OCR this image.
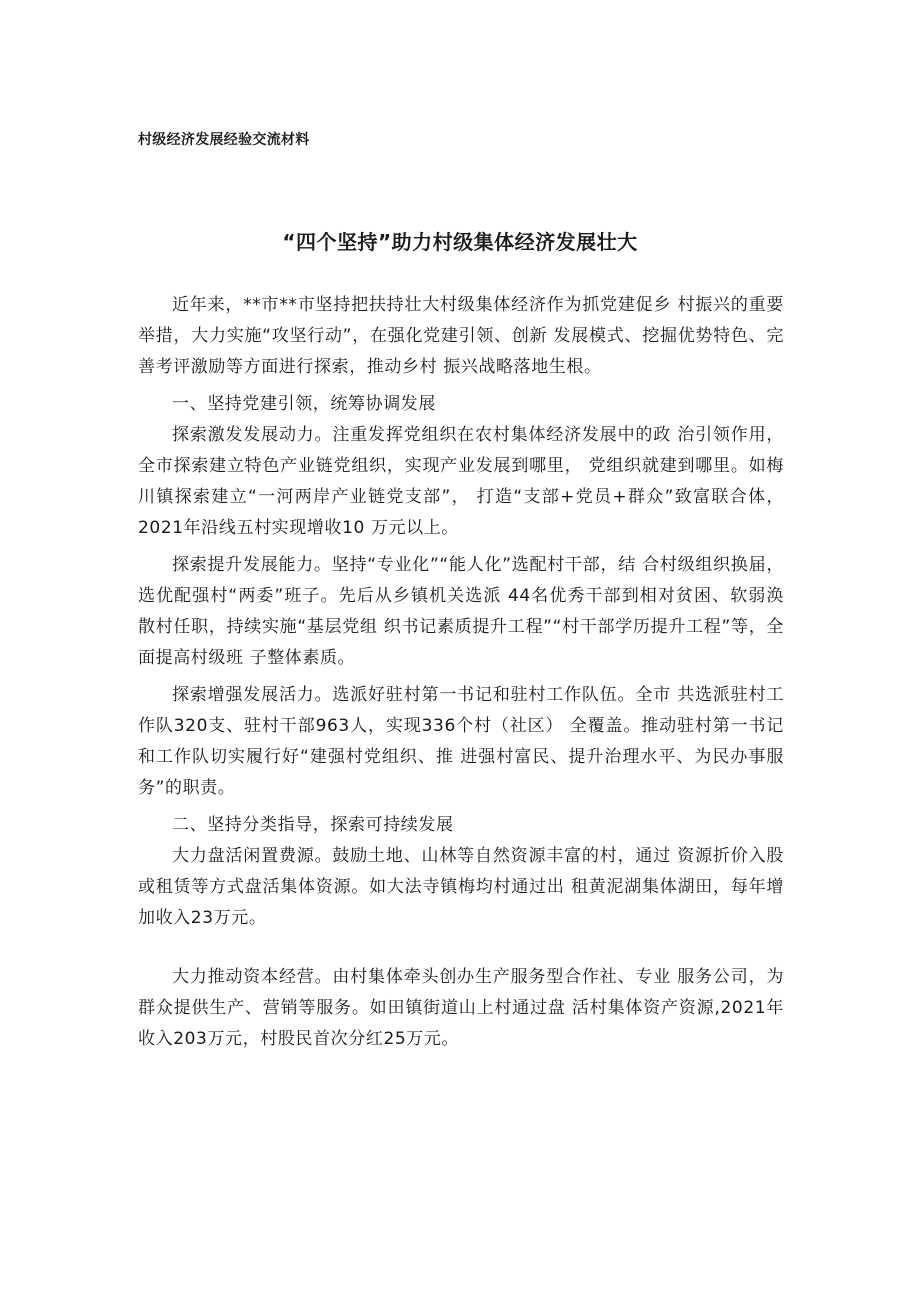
村级经济发展经验交流材料
“四个坚持”助力村级集体经济发展壮大

近年来，**市**市坚持把扶持壮大村级集体经济作为抓党建促乡 村振兴的重要举措，大力实施“攻坚行动”，在强化党建引领、创新 发展模式、挖掘优势特色、完善考评激励等方面进行探索，推动乡村 振兴战略落地生根。

一、坚持党建引领，统筹协调发展

探索激发发展动力。注重发挥党组织在农村集体经济发展中的政 治引领作用，全市探索建立特色产业链党组织，实现产业发展到哪里， 党组织就建到哪里。如梅川镇探索建立“一河两岸产业链党支部”， 打造“支部+党员+群众”致富联合体，2021年沿线五村实现增收10 万元以上。

探索提升发展能力。坚持“专业化”“能人化”选配村干部，结 合村级组织换届，选优配强村“两委”班子。先后从乡镇机关选派 44名优秀干部到相对贫困、软弱涣散村任职，持续实施“基层党组 织书记素质提升工程”“村干部学历提升工程”等，全面提高村级班 子整体素质。

探索增强发展活力。选派好驻村第一书记和驻村工作队伍。全市 共选派驻村工作队320支、驻村干部963人，实现336个村（社区） 全覆盖。推动驻村第一书记和工作队切实履行好“建强村党组织、推 进强村富民、提升治理水平、为民办事服务”的职责。

二、坚持分类指导，探索可持续发展

大力盘活闲置费源。鼓励土地、山林等自然资源丰富的村，通过 资源折价入股或租赁等方式盘活集体资源。如大法寺镇梅均村通过出 租黄泥湖集体湖田，每年增加收入23万元。

大力推动资本经营。由村集体牵头创办生产服务型合作社、专业 服务公司，为群众提供生产、营销等服务。如田镇街道山上村通过盘 活村集体资产资源,2021年收入203万元，村股民首次分红25万元。
